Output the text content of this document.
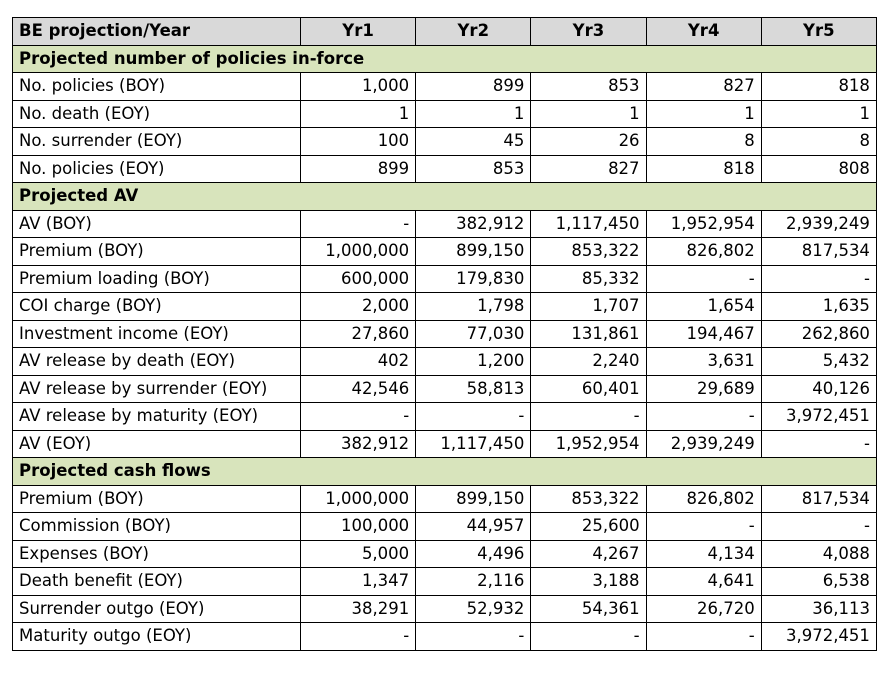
BE projection/Year	Yr1	Yr2	Yr3	Yr4	Yr5
Projected number of policies in-force					
No. policies (BOY)	1,000	899	853	827	818
No. death (EOY)	1	1	1	1	1
No. surrender (EOY)	100	45	26	8	8
No. policies (EOY)	899	853	827	818	808
Projected AV					
AV (BOY)	-	382,912	1,117,450	1,952,954	2,939,249
Premium (BOY)	1,000,000	899,150	853,322	826,802	817,534
Premium loading (BOY)	600,000	179,830	85,332	-	-
COI charge (BOY)	2,000	1,798	1,707	1,654	1,635
Investment income (EOY)	27,860	77,030	131,861	194,467	262,860
AV release by death (EOY)	402	1,200	2,240	3,631	5,432
AV release by surrender (EOY)	42,546	58,813	60,401	29,689	40,126
AV release by maturity (EOY)	-	-	-	-	3,972,451
AV (EOY)	382,912	1,117,450	1,952,954	2,939,249	-
Projected cash flows					
Premium (BOY)	1,000,000	899,150	853,322	826,802	817,534
Commission (BOY)	100,000	44,957	25,600	-	-
Expenses (BOY)	5,000	4,496	4,267	4,134	4,088
Death benefit (EOY)	1,347	2,116	3,188	4,641	6,538
Surrender outgo (EOY)	38,291	52,932	54,361	26,720	36,113
Maturity outgo (EOY)	-	-	-	-	3,972,451
